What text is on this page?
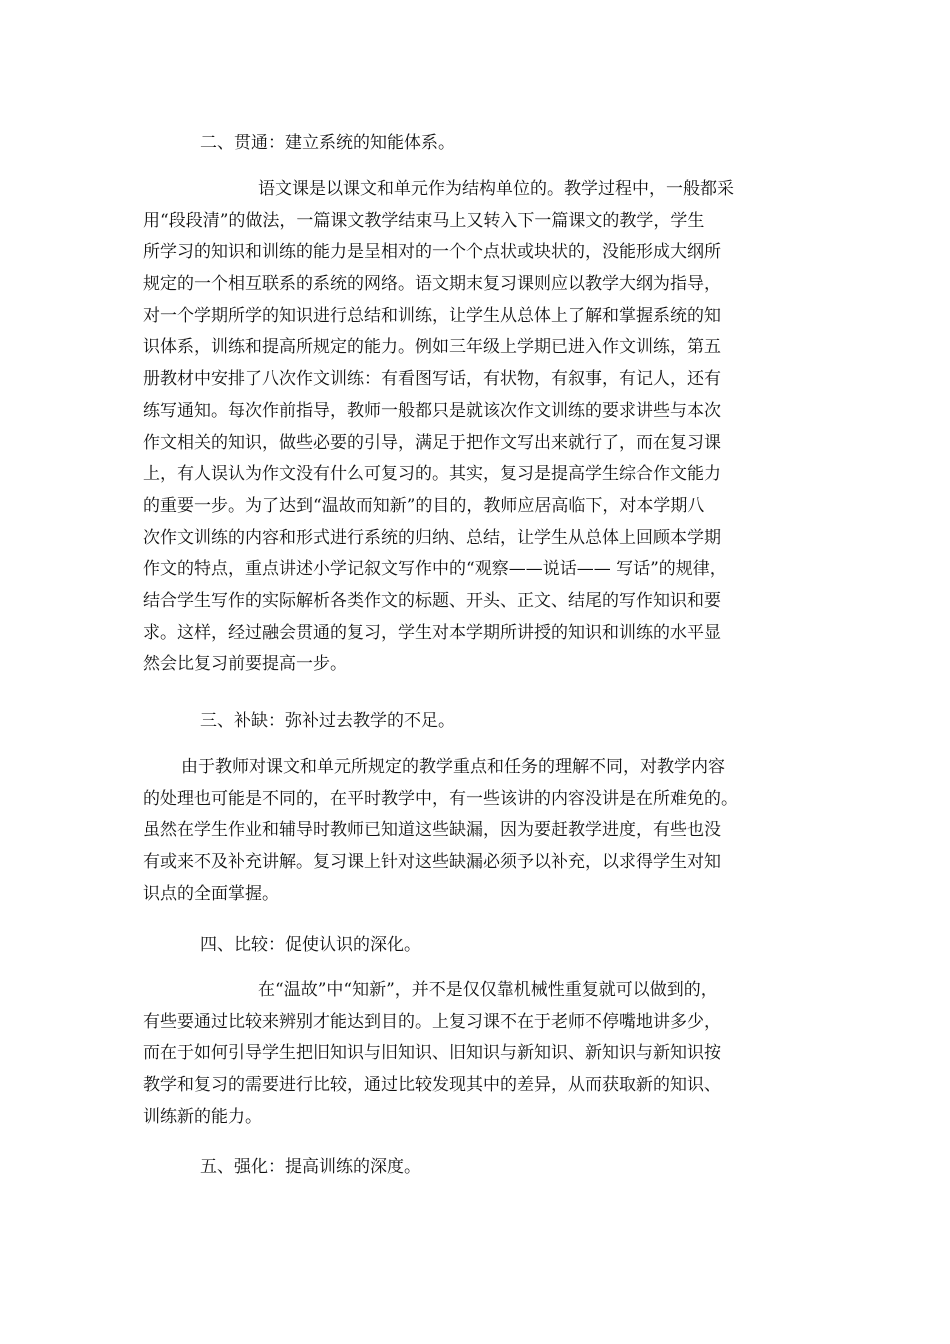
二、贯通：建立系统的知能体系。
语文课是以课文和单元作为结构单位的。教学过程中，一般都采
用“段段清”的做法，一篇课文教学结束马上又转入下一篇课文的教学，学生
所学习的知识和训练的能力是呈相对的一个个点状或块状的，没能形成大纲所
规定的一个相互联系的系统的网络。语文期末复习课则应以教学大纲为指导，
对一个学期所学的知识进行总结和训练，让学生从总体上了解和掌握系统的知
识体系，训练和提高所规定的能力。例如三年级上学期已进入作文训练，第五
册教材中安排了八次作文训练：有看图写话，有状物，有叙事，有记人，还有
练写通知。每次作前指导，教师一般都只是就该次作文训练的要求讲些与本次
作文相关的知识，做些必要的引导，满足于把作文写出来就行了，而在复习课
上，有人误认为作文没有什么可复习的。其实，复习是提高学生综合作文能力
的重要一步。为了达到“温故而知新”的目的，教师应居高临下，对本学期八
次作文训练的内容和形式进行系统的归纳、总结，让学生从总体上回顾本学期
作文的特点，重点讲述小学记叙文写作中的“观察——说话—— 写话”的规律，
结合学生写作的实际解析各类作文的标题、开头、正文、结尾的写作知识和要
求。这样，经过融会贯通的复习，学生对本学期所讲授的知识和训练的水平显
然会比复习前要提高一步。
三、补缺：弥补过去教学的不足。
由于教师对课文和单元所规定的教学重点和任务的理解不同，对教学内容
的处理也可能是不同的，在平时教学中，有一些该讲的内容没讲是在所难免的。
虽然在学生作业和辅导时教师已知道这些缺漏，因为要赶教学进度，有些也没
有或来不及补充讲解。复习课上针对这些缺漏必须予以补充，以求得学生对知
识点的全面掌握。
四、比较：促使认识的深化。
在“温故”中“知新”，并不是仅仅靠机械性重复就可以做到的，
有些要通过比较来辨别才能达到目的。上复习课不在于老师不停嘴地讲多少，
而在于如何引导学生把旧知识与旧知识、旧知识与新知识、新知识与新知识按
教学和复习的需要进行比较，通过比较发现其中的差异，从而获取新的知识、
训练新的能力。
五、强化：提高训练的深度。
